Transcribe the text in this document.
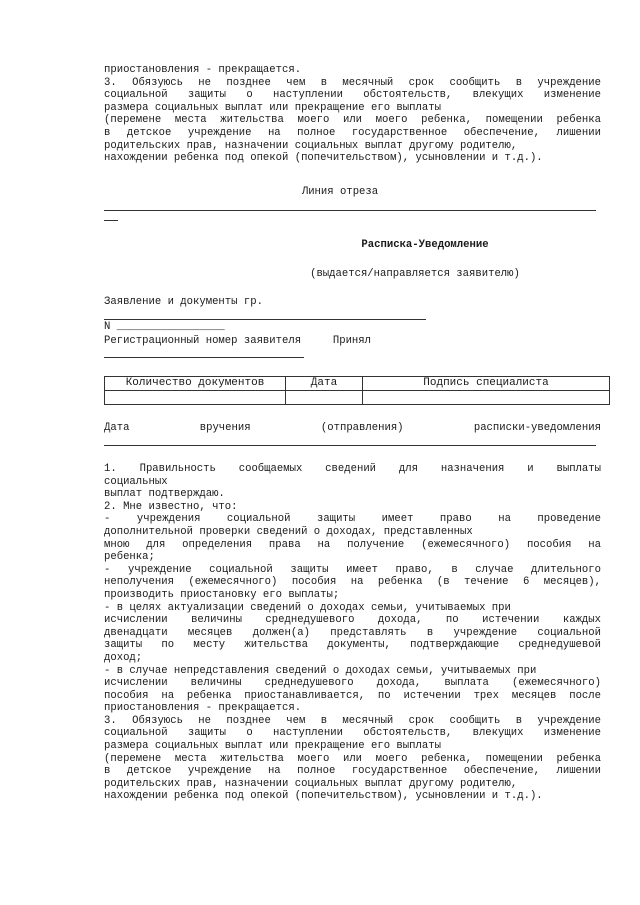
приостановления - прекращается.
3. Обязуюсь не позднее чем в месячный срок сообщить в учреждение
социальной защиты о наступлении обстоятельств, влекущих изменение
размера социальных выплат или прекращение его выплаты
(перемене места жительства моего или моего ребенка, помещении ребенка
в детское учреждение на полное государственное обеспечение, лишении
родительских прав, назначении социальных выплат другому родителю,
нахождении ребенка под опекой (попечительством), усыновлении и т.д.).
Линия отреза
Расписка-Уведомление
(выдается/направляется заявителю)
Заявление и документы гр.
N _________________
Регистрационный номер заявителя     Принял
Количество документов	Дата	Подпись специалиста

Дата	вручения	(отправления)	расписки-уведомления
1. Правильность сообщаемых сведений для назначения и выплаты
социальных
выплат подтверждаю.
2. Мне известно, что:
- учреждения социальной защиты имеет право на проведение
дополнительной проверки сведений о доходах, представленных
мною для определения права на получение (ежемесячного) пособия на
ребенка;
- учреждение социальной защиты имеет право, в случае длительного
неполучения (ежемесячного) пособия на ребенка (в течение 6 месяцев),
производить приостановку его выплаты;
- в целях актуализации сведений о доходах семьи, учитываемых при
исчислении величины среднедушевого дохода, по истечении каждых
двенадцати месяцев должен(а) представлять в учреждение социальной
защиты по месту жительства документы, подтверждающие среднедушевой
доход;
- в случае непредставления сведений о доходах семьи, учитываемых при
исчислении величины среднедушевого дохода, выплата (ежемесячного)
пособия на ребенка приостанавливается, по истечении трех месяцев после
приостановления - прекращается.
3. Обязуюсь не позднее чем в месячный срок сообщить в учреждение
социальной защиты о наступлении обстоятельств, влекущих изменение
размера социальных выплат или прекращение его выплаты
(перемене места жительства моего или моего ребенка, помещении ребенка
в детское учреждение на полное государственное обеспечение, лишении
родительских прав, назначении социальных выплат другому родителю,
нахождении ребенка под опекой (попечительством), усыновлении и т.д.).
